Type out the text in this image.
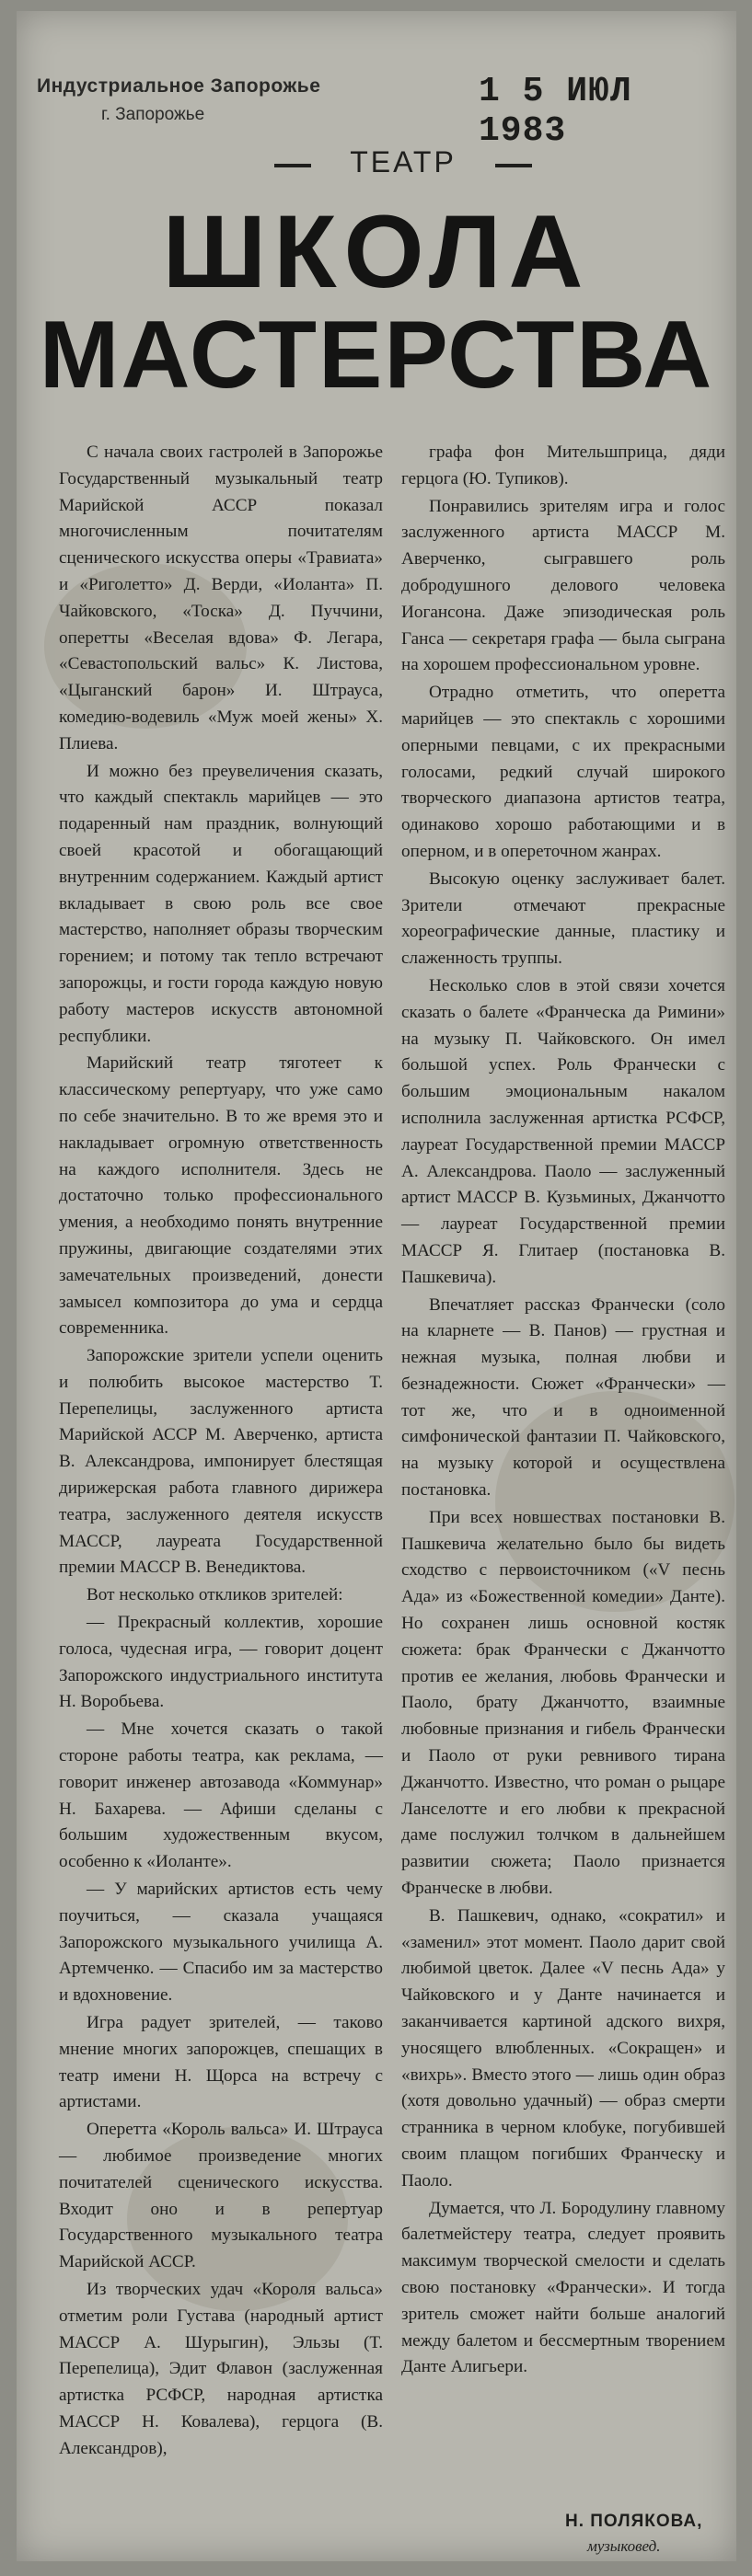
Индустриальное Запорожье
г. Запорожье
1 5 ИЮЛ 1983
ТЕАТР
ШКОЛА
МАСТЕРСТВА

С начала своих гастролей в Запорожье Государственный музыкальный театр Марийской АССР показал многочисленным почитателям сценического искусства оперы «Травиата» и «Риголетто» Д. Верди, «Иоланта» П. Чайковского, «Тоска» Д. Пуччини, оперетты «Веселая вдова» Ф. Легара, «Севастопольский вальс» К. Листова, «Цыганский барон» И. Штрауса, комедию-водевиль «Муж моей жены» Х. Плиева.

И можно без преувеличения сказать, что каждый спектакль марийцев — это подаренный нам праздник, волнующий своей красотой и обогащающий внутренним содержанием. Каждый артист вкладывает в свою роль все свое мастерство, наполняет образы творческим горением; и потому так тепло встречают запорожцы, и гости города каждую новую работу мастеров искусств автономной республики.

Марийский театр тяготеет к классическому репертуару, что уже само по себе значительно. В то же время это и накладывает огромную ответственность на каждого исполнителя. Здесь не достаточно только профессионального умения, а необходимо понять внутренние пружины, двигающие создателями этих замечательных произведений, донести замысел композитора до ума и сердца современника.

Запорожские зрители успели оценить и полюбить высокое мастерство Т. Перепелицы, заслуженного артиста Марийской АССР М. Аверченко, артиста В. Александрова, импонирует блестящая дирижерская работа главного дирижера театра, заслуженного деятеля искусств МАССР, лауреата Государственной премии МАССР В. Венедиктова.

Вот несколько откликов зрителей:

— Прекрасный коллектив, хорошие голоса, чудесная игра, — говорит доцент Запорожского индустриального института Н. Воробьева.

— Мне хочется сказать о такой стороне работы театра, как реклама, — говорит инженер автозавода «Коммунар» Н. Бахарева. — Афиши сделаны с большим художественным вкусом, особенно к «Иоланте».

— У марийских артистов есть чему поучиться, — сказала учащаяся Запорожского музыкального училища А. Артемченко. — Спасибо им за мастерство и вдохновение.

Игра радует зрителей, — таково мнение многих запорожцев, спешащих в театр имени Н. Щорса на встречу с артистами.

Оперетта «Король вальса» И. Штрауса — любимое произведение многих почитателей сценического искусства. Входит оно и в репертуар Государственного музыкального театра Марийской АССР.

Из творческих удач «Короля вальса» отметим роли Густава (народный артист МАССР А. Шурыгин), Эльзы (Т. Перепелица), Эдит Флавон (заслуженная артистка РСФСР, народная артистка МАССР Н. Ковалева), герцога (В. Александров),

графа фон Мительшприца, дяди герцога (Ю. Тупиков).

Понравились зрителям игра и голос заслуженного артиста МАССР М. Аверченко, сыгравшего роль добродушного делового человека Иогансона. Даже эпизодическая роль Ганса — секретаря графа — была сыграна на хорошем профессиональном уровне.

Отрадно отметить, что оперетта марийцев — это спектакль с хорошими оперными певцами, с их прекрасными голосами, редкий случай широкого творческого диапазона артистов театра, одинаково хорошо работающими и в оперном, и в опереточном жанрах.

Высокую оценку заслуживает балет. Зрители отмечают прекрасные хореографические данные, пластику и слаженность труппы.

Несколько слов в этой связи хочется сказать о балете «Франческа да Римини» на музыку П. Чайковского. Он имел большой успех. Роль Франчески с большим эмоциональным накалом исполнила заслуженная артистка РСФСР, лауреат Государственной премии МАССР А. Александрова. Паоло — заслуженный артист МАССР В. Кузьминых, Джанчотто — лауреат Государственной премии МАССР Я. Глитаер (постановка В. Пашкевича).

Впечатляет рассказ Франчески (соло на кларнете — В. Панов) — грустная и нежная музыка, полная любви и безнадежности. Сюжет «Франчески» — тот же, что и в одноименной симфонической фантазии П. Чайковского, на музыку которой и осуществлена постановка.

При всех новшествах постановки В. Пашкевича желательно было бы видеть сходство с первоисточником («V песнь Ада» из «Божественной комедии» Данте). Но сохранен лишь основной костяк сюжета: брак Франчески с Джанчотто против ее желания, любовь Франчески и Паоло, брату Джанчотто, взаимные любовные признания и гибель Франчески и Паоло от руки ревнивого тирана Джанчотто. Известно, что роман о рыцаре Ланселотте и его любви к прекрасной даме послужил толчком в дальнейшем развитии сюжета; Паоло признается Франческе в любви.

В. Пашкевич, однако, «сократил» и «заменил» этот момент. Паоло дарит свой любимой цветок. Далее «V песнь Ада» у Чайковского и у Данте начинается и заканчивается картиной адского вихря, уносящего влюбленных. «Сокращен» и «вихрь». Вместо этого — лишь один образ (хотя довольно удачный) — образ смерти странника в черном клобуке, погубившей своим плащом погибших Франческу и Паоло.

Думается, что Л. Бородулину главному балетмейстеру театра, следует проявить максимум творческой смелости и сделать свою постановку «Франчески». И тогда зритель сможет найти больше аналогий между балетом и бессмертным творением Данте Алигьери.

Н. ПОЛЯКОВА,
музыковед.
